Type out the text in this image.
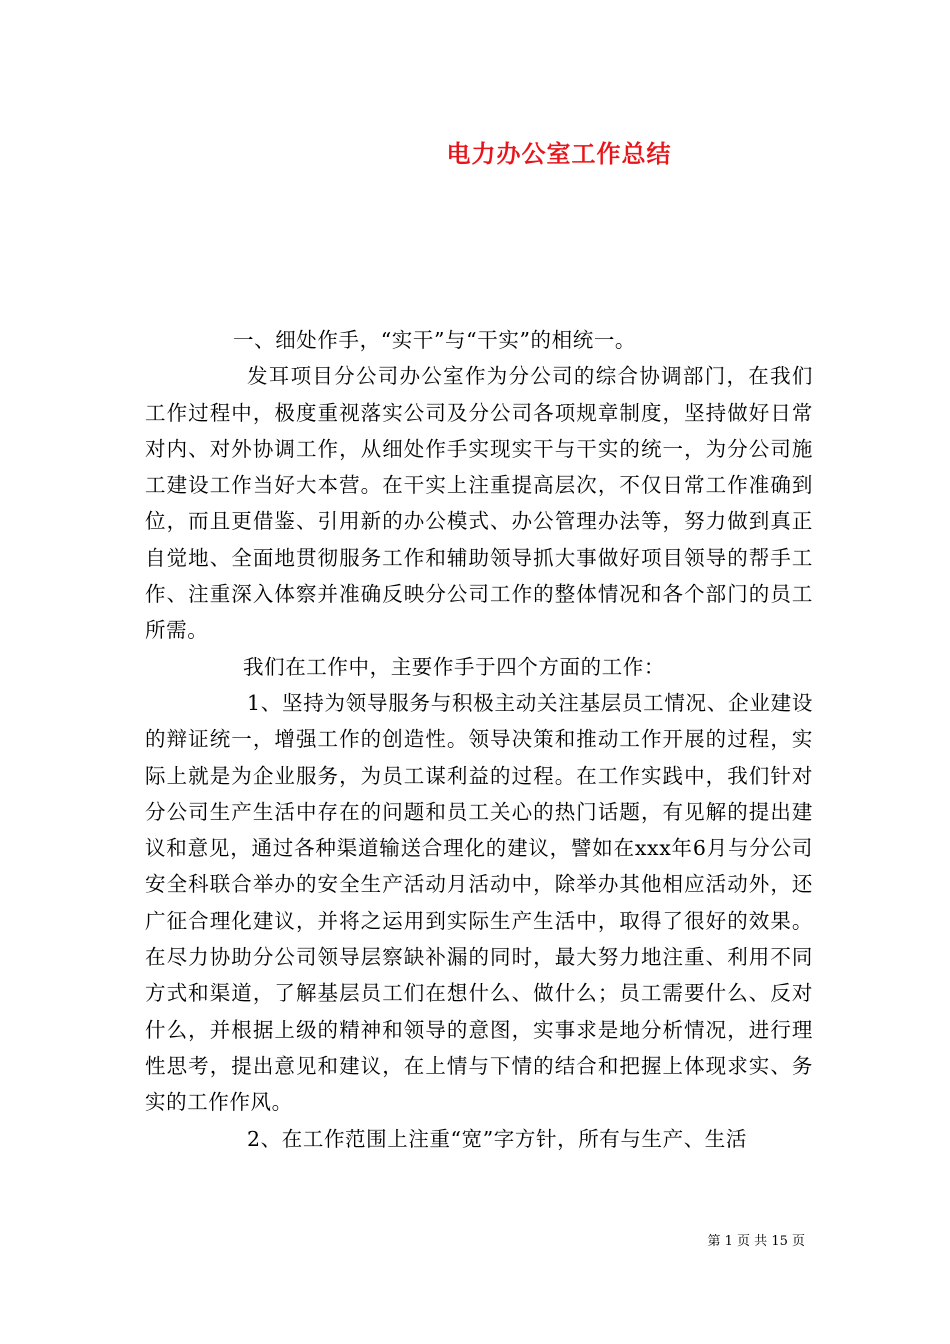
电力办公室工作总结

一、细处作手，“实干”与“干实”的相统一。

发耳项目分公司办公室作为分公司的综合协调部门，在我们工作过程中，极度重视落实公司及分公司各项规章制度，坚持做好日常对内、对外协调工作，从细处作手实现实干与干实的统一，为分公司施工建设工作当好大本营。在干实上注重提高层次，不仅日常工作准确到位，而且更借鉴、引用新的办公模式、办公管理办法等，努力做到真正自觉地、全面地贯彻服务工作和辅助领导抓大事做好项目领导的帮手工作、注重深入体察并准确反映分公司工作的整体情况和各个部门的员工所需。

我们在工作中，主要作手于四个方面的工作：

1、坚持为领导服务与积极主动关注基层员工情况、企业建设的辩证统一，增强工作的创造性。领导决策和推动工作开展的过程，实际上就是为企业服务，为员工谋利益的过程。在工作实践中，我们针对分公司生产生活中存在的问题和员工关心的热门话题，有见解的提出建议和意见，通过各种渠道输送合理化的建议，譬如在xxx年6月与分公司安全科联合举办的安全生产活动月活动中，除举办其他相应活动外，还广征合理化建议，并将之运用到实际生产生活中，取得了很好的效果。在尽力协助分公司领导层察缺补漏的同时，最大努力地注重、利用不同方式和渠道，了解基层员工们在想什么、做什么；员工需要什么、反对什么，并根据上级的精神和领导的意图，实事求是地分析情况，进行理性思考，提出意见和建议，在上情与下情的结合和把握上体现求实、务实的工作作风。

2、在工作范围上注重“宽”字方针，所有与生产、生活

第 1 页 共 15 页
